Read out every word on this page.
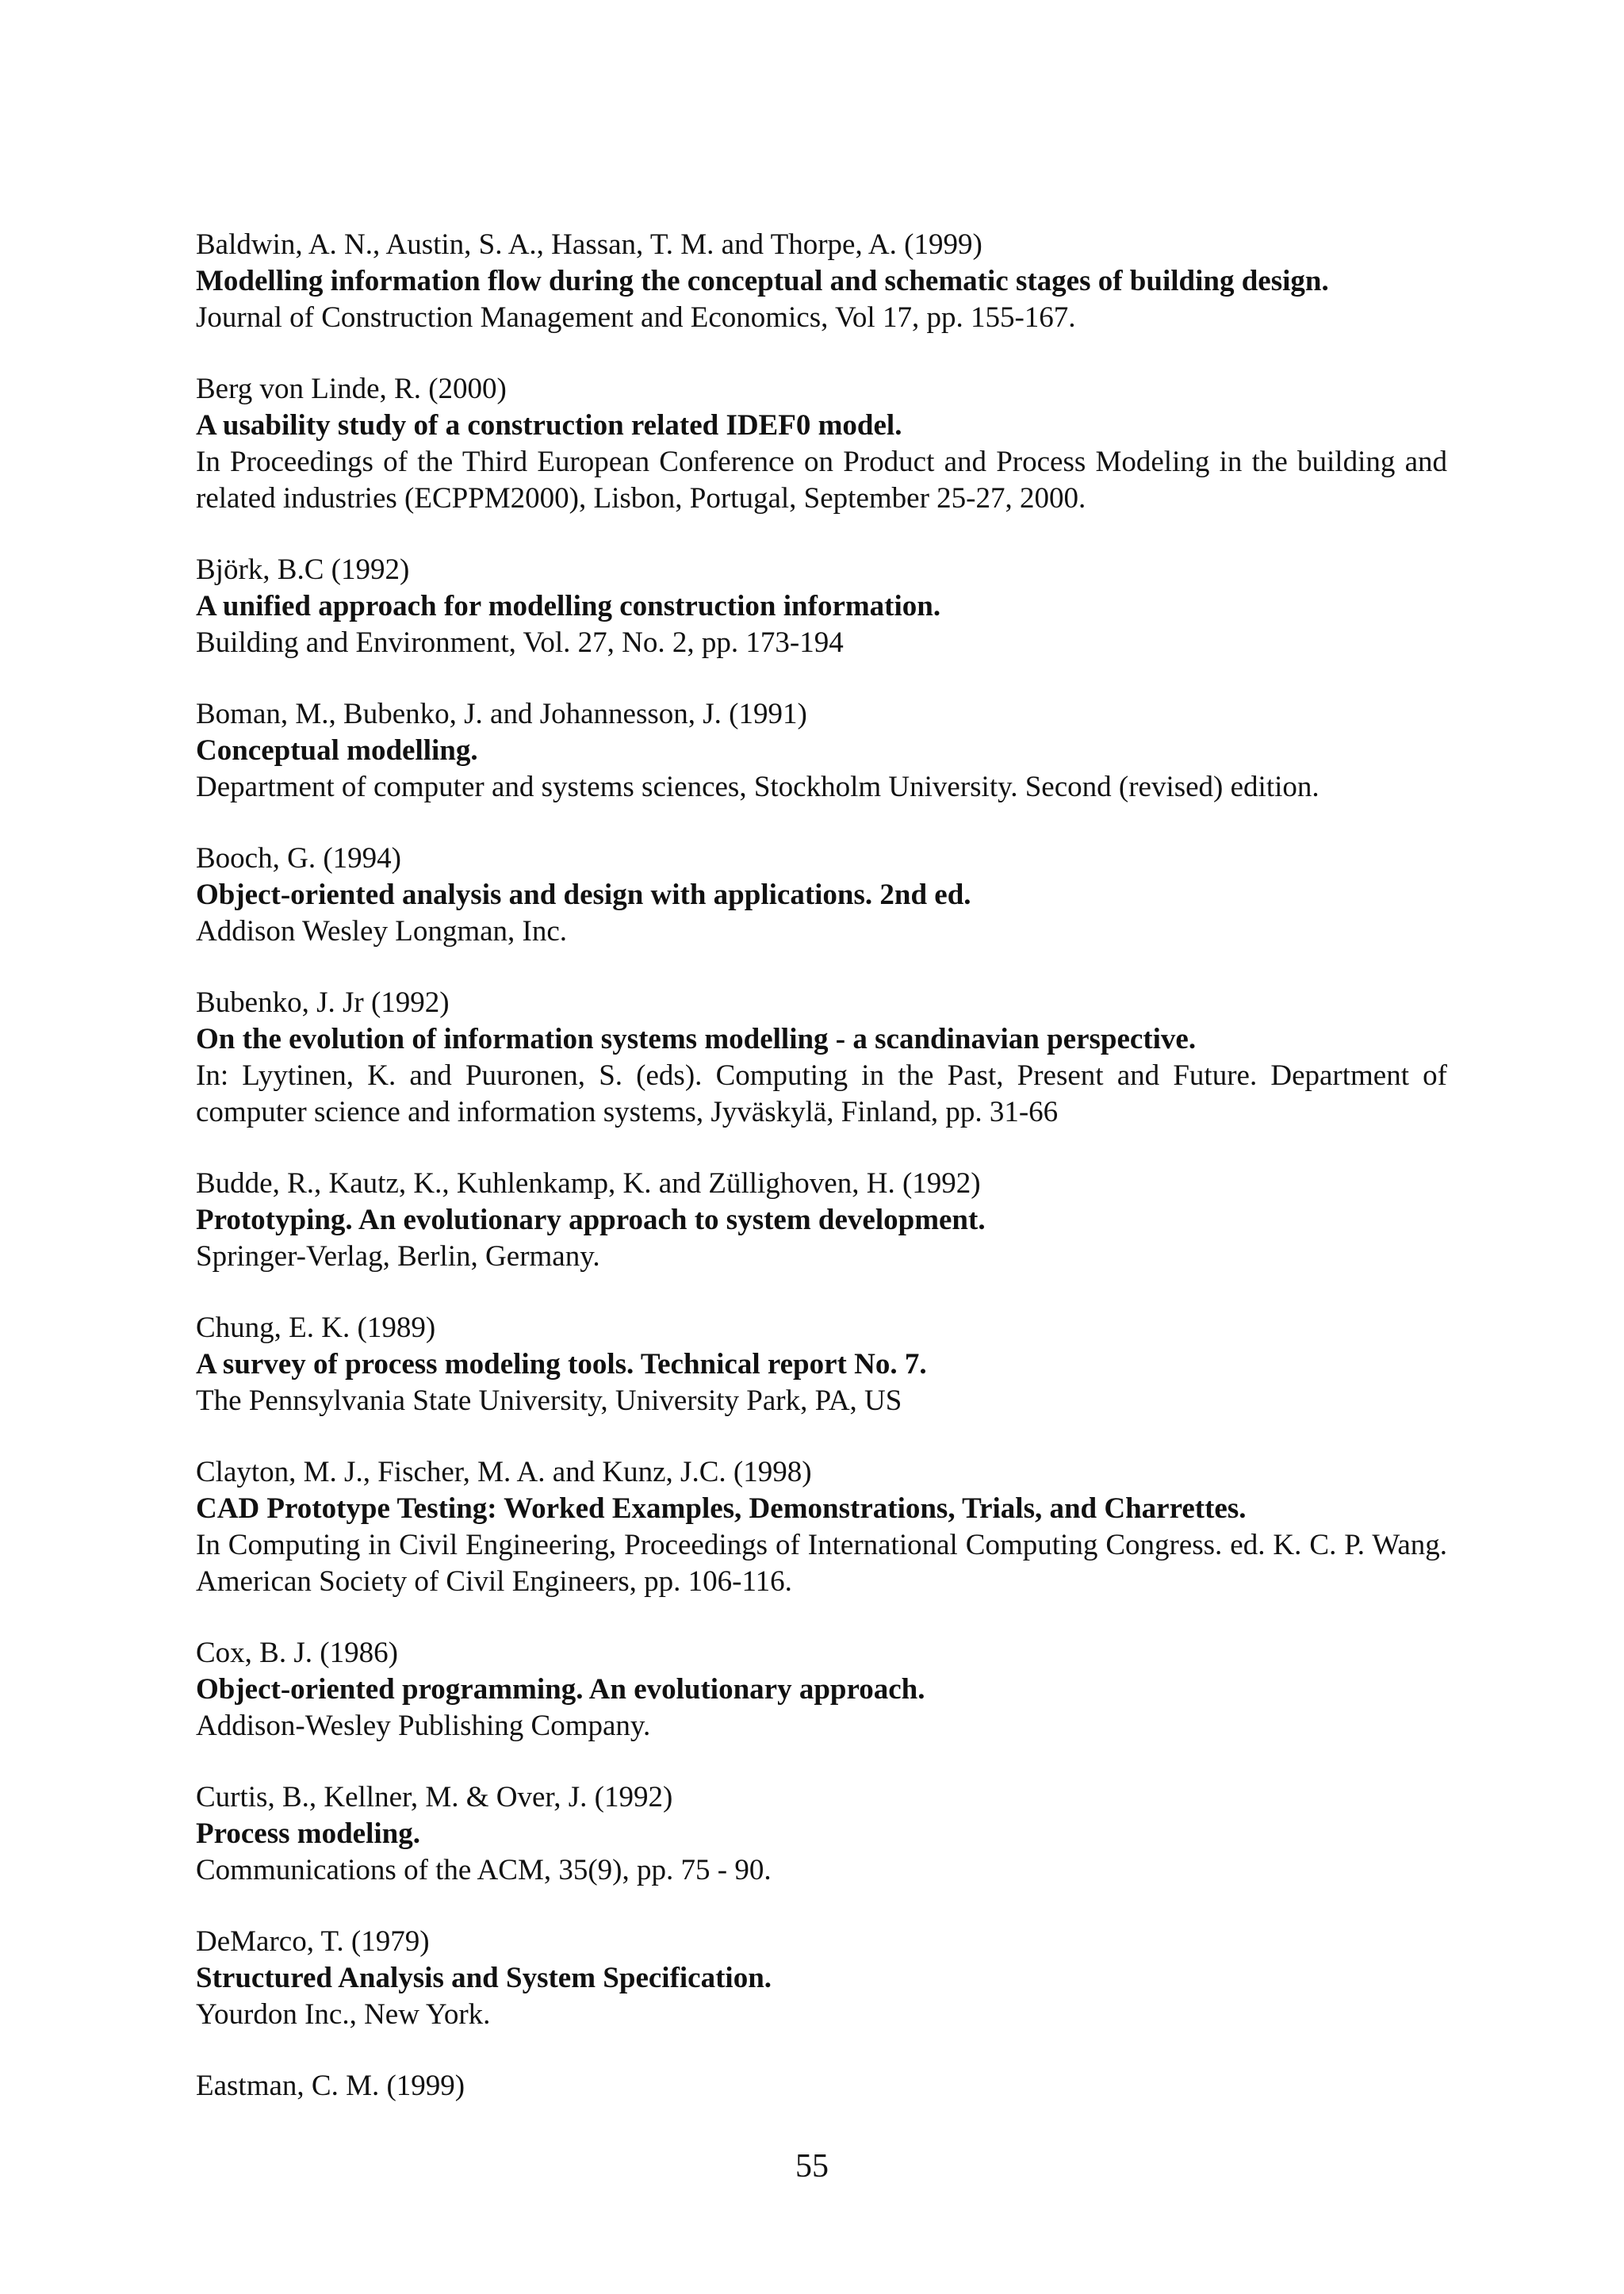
Baldwin, A. N., Austin, S. A., Hassan, T. M. and Thorpe, A. (1999)
Modelling information flow during the conceptual and schematic stages of building design.
Journal of Construction Management and Economics, Vol 17, pp. 155-167.
Berg von Linde, R. (2000)
A usability study of a construction related IDEF0 model.
In Proceedings of the Third European Conference on Product and Process Modeling in the building and related industries (ECPPM2000), Lisbon, Portugal, September 25-27, 2000.
Björk, B.C (1992)
A unified approach for modelling construction information.
Building and Environment, Vol. 27, No. 2, pp. 173-194
Boman, M., Bubenko, J. and Johannesson, J. (1991)
Conceptual modelling.
Department of computer and systems sciences, Stockholm University. Second (revised) edition.
Booch, G. (1994)
Object-oriented analysis and design with applications. 2nd ed.
Addison Wesley Longman, Inc.
Bubenko, J. Jr (1992)
On the evolution of information systems modelling - a scandinavian perspective.
In: Lyytinen, K. and Puuronen, S. (eds). Computing in the Past, Present and Future. Department of computer science and information systems, Jyväskylä, Finland, pp. 31-66
Budde, R., Kautz, K., Kuhlenkamp, K. and Züllighoven, H. (1992)
Prototyping. An evolutionary approach to system development.
Springer-Verlag, Berlin, Germany.
Chung, E. K. (1989)
A survey of process modeling tools. Technical report No. 7.
The Pennsylvania State University, University Park, PA, US
Clayton, M. J., Fischer, M. A. and Kunz, J.C. (1998)
CAD Prototype Testing: Worked Examples, Demonstrations, Trials, and Charrettes.
In Computing in Civil Engineering, Proceedings of International Computing Congress. ed. K. C. P. Wang. American Society of Civil Engineers, pp. 106-116.
Cox, B. J. (1986)
Object-oriented programming. An evolutionary approach.
Addison-Wesley Publishing Company.
Curtis, B., Kellner, M. & Over, J. (1992)
Process modeling.
Communications of the ACM, 35(9), pp. 75 - 90.
DeMarco, T. (1979)
Structured Analysis and System Specification.
Yourdon Inc., New York.
Eastman, C. M. (1999)
55
